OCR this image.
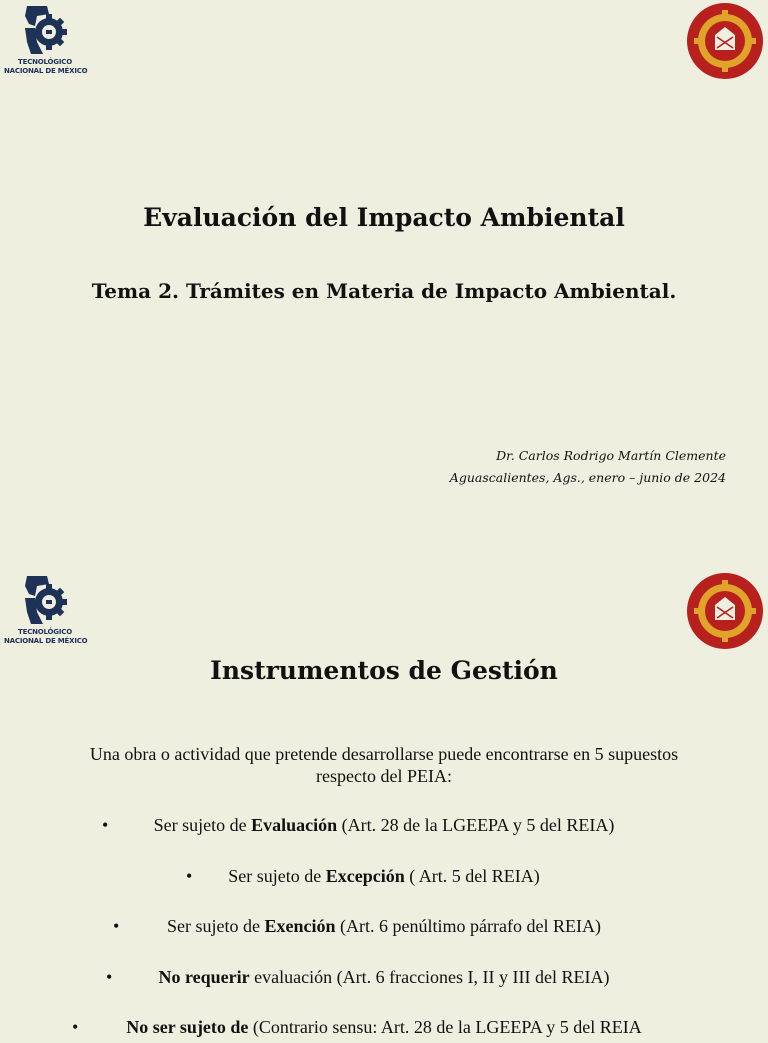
TECNOLÓGICO
NACIONAL DE MÉXICO
Evaluación del Impacto Ambiental
Tema 2. Trámites en Materia de Impacto Ambiental.
Dr. Carlos Rodrigo Martín Clemente
Aguascalientes, Ags., enero – junio de 2024
TECNOLÓGICO
NACIONAL DE MÉXICO
Instrumentos de Gestión

Una obra o actividad que pretende desarrollarse puede encontrarse en 5 supuestos respecto del PEIA:

•	Ser sujeto de Evaluación (Art. 28 de la LGEEPA y 5 del REIA)
•	Ser sujeto de Excepción ( Art. 5 del REIA)
•	Ser sujeto de Exención (Art. 6 penúltimo párrafo del REIA)
•	No requerir evaluación (Art. 6 fracciones I, II y III del REIA)
•	No ser sujeto de (Contrario sensu: Art. 28 de la LGEEPA y 5 del REIA
